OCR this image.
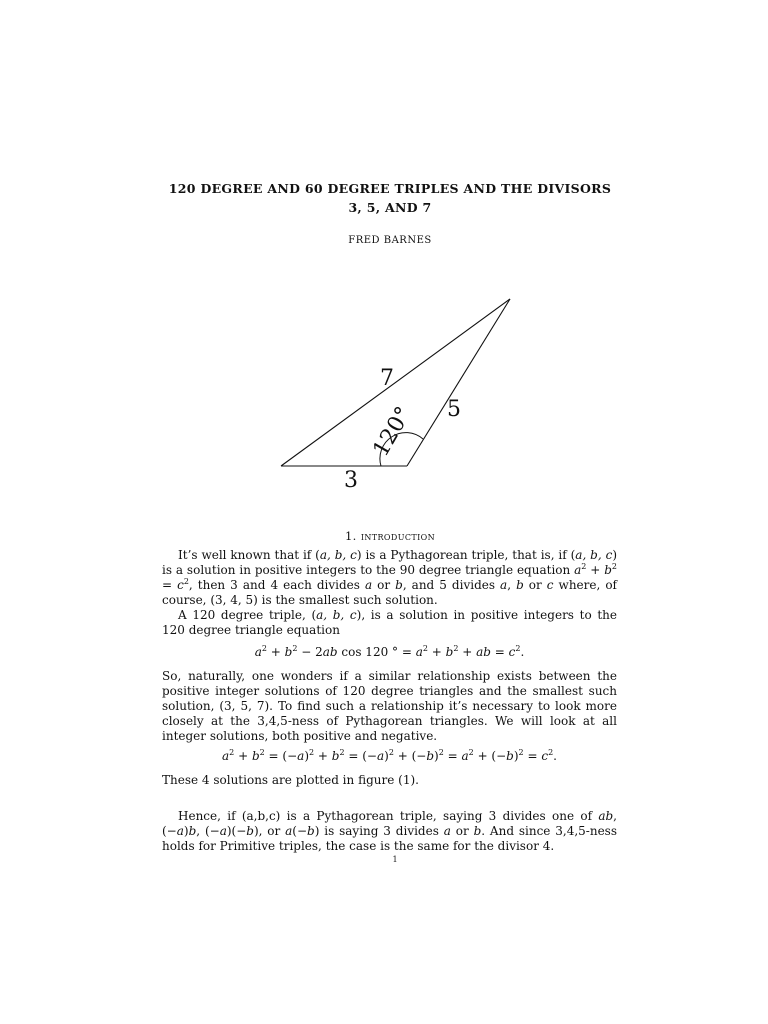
120 DEGREE AND 60 DEGREE TRIPLES AND THE DIVISORS
3, 5, AND 7
FRED BARNES
7
5
3
120°
1. introduction

It’s well known that if (a, b, c) is a Pythagorean triple, that is, if (a, b, c) is a solution in positive integers to the 90 degree triangle equation $a^2 + b^2 = c^2$, then 3 and 4 each divides a or b, and 5 divides a, b or c where, of course, (3, 4, 5) is the smallest such solution.

A 120 degree triple, (a, b, c), is a solution in positive integers to the 120 degree triangle equation

$a^2 + b^2 - 2ab$ cos 120 ° = $a^2 + b^2$ + ab = $c^2$.

So, naturally, one wonders if a similar relationship exists between the positive integer solutions of 120 degree triangles and the smallest such solution, (3, 5, 7). To find such a relationship it’s necessary to look more closely at the 3,4,5-ness of Pythagorean triangles. We will look at all integer solutions, both positive and negative.

$a^2 + b^2 = (-a)^2 + b^2 = (-a)^2 + (-b)^2 = a^2 + (-b)^2 = c^2$.

These 4 solutions are plotted in figure (1).

Hence, if (a,b,c) is a Pythagorean triple, saying 3 divides one of ab, (−a)b, (−a)(−b), or a(−b) is saying 3 divides a or b. And since 3,4,5-ness holds for Primitive triples, the case is the same for the divisor 4.

1
